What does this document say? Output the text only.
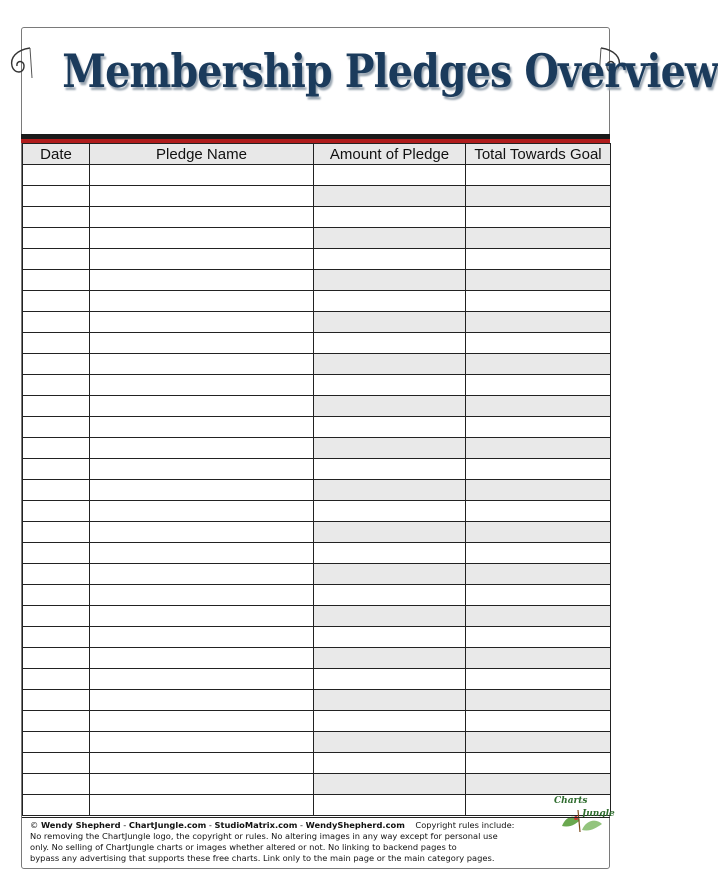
Membership Pledges Overview
Date	Pledge Name	Amount of Pledge	Total Towards Goal

Charts
Jungle
© Wendy Shepherd - ChartJungle.com - StudioMatrix.com - WendyShepherd.com Copyright rules include:
No removing the ChartJungle logo, the copyright or rules. No altering images in any way except for personal use
only. No selling of ChartJungle charts or images whether altered or not. No linking to backend pages to
bypass any advertising that supports these free charts. Link only to the main page or the main category pages.
